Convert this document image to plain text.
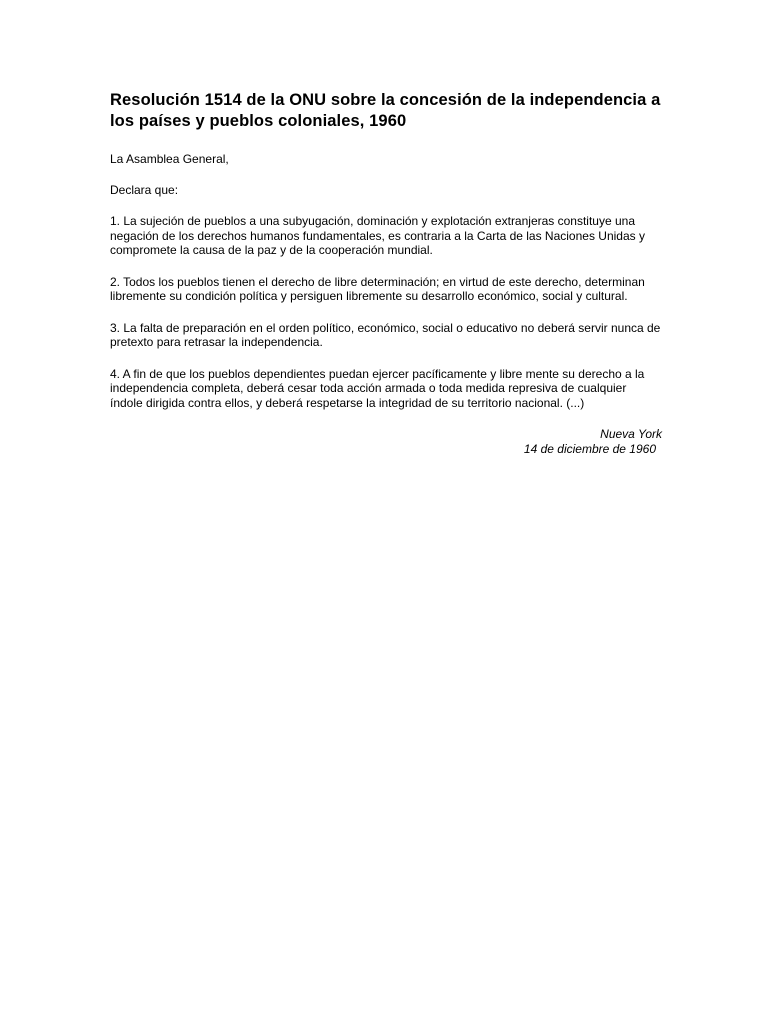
Resolución 1514 de la ONU sobre la concesión de la independencia a los países y pueblos coloniales, 1960

La Asamblea General,

Declara que:

1. La sujeción de pueblos a una subyugación, dominación y explotación extranjeras constituye una negación de los derechos humanos fundamentales, es contraria a la Carta de las Naciones Unidas y compromete la causa de la paz y de la cooperación mundial.

2. Todos los pueblos tienen el derecho de libre determinación; en virtud de este derecho, determinan libremente su condición política y persiguen libremente su desarrollo económico, social y cultural.

3. La falta de preparación en el orden político, económico, social o educativo no deberá servir nunca de pretexto para retrasar la independencia.

4. A fin de que los pueblos dependientes puedan ejercer pacíficamente y libre mente su derecho a la independencia completa, deberá cesar toda acción armada o toda medida represiva de cualquier índole dirigida contra ellos, y deberá respetarse la integridad de su territorio nacional. (...)

Nueva York
14 de diciembre de 1960
